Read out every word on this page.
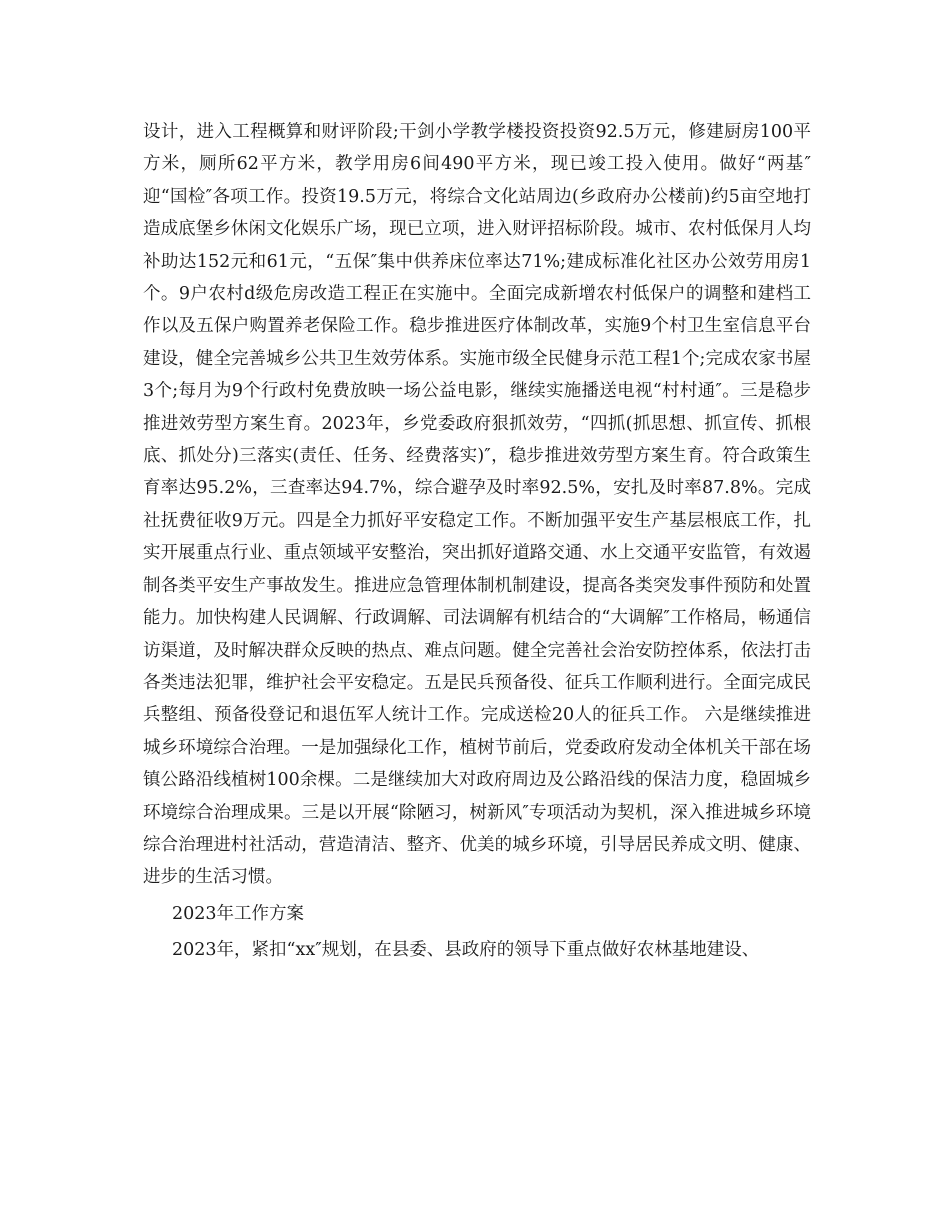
设计，进入工程概算和财评阶段;干剑小学教学楼投资投资92.5万元，修建厨房100平方米，厕所62平方米，教学用房6间490平方米，现已竣工投入使用。做好“两基″迎“国检″各项工作。投资19.5万元，将综合文化站周边(乡政府办公楼前)约5亩空地打造成底堡乡休闲文化娱乐广场，现已立项，进入财评招标阶段。城市、农村低保月人均补助达152元和61元，“五保″集中供养床位率达71%;建成标准化社区办公效劳用房1个。9户农村d级危房改造工程正在实施中。全面完成新增农村低保户的调整和建档工作以及五保户购置养老保险工作。稳步推进医疗体制改革，实施9个村卫生室信息平台建设，健全完善城乡公共卫生效劳体系。实施市级全民健身示范工程1个;完成农家书屋3个;每月为9个行政村免费放映一场公益电影，继续实施播送电视“村村通″。三是稳步推进效劳型方案生育。2023年，乡党委政府狠抓效劳，“四抓(抓思想、抓宣传、抓根底、抓处分)三落实(责任、任务、经费落实)″，稳步推进效劳型方案生育。符合政策生育率达95.2%，三查率达94.7%，综合避孕及时率92.5%，安扎及时率87.8%。完成社抚费征收9万元。四是全力抓好平安稳定工作。不断加强平安生产基层根底工作，扎实开展重点行业、重点领域平安整治，突出抓好道路交通、水上交通平安监管，有效遏制各类平安生产事故发生。推进应急管理体制机制建设，提高各类突发事件预防和处置能力。加快构建人民调解、行政调解、司法调解有机结合的“大调解″工作格局，畅通信访渠道，及时解决群众反映的热点、难点问题。健全完善社会治安防控体系，依法打击各类违法犯罪，维护社会平安稳定。五是民兵预备役、征兵工作顺利进行。全面完成民兵整组、预备役登记和退伍军人统计工作。完成送检20人的征兵工作。 六是继续推进城乡环境综合治理。一是加强绿化工作，植树节前后，党委政府发动全体机关干部在场镇公路沿线植树100余棵。二是继续加大对政府周边及公路沿线的保洁力度，稳固城乡环境综合治理成果。三是以开展“除陋习，树新风″专项活动为契机，深入推进城乡环境综合治理进村社活动，营造清洁、整齐、优美的城乡环境，引导居民养成文明、健康、进步的生活习惯。

2023年工作方案

2023年，紧扣“xx″规划，在县委、县政府的领导下重点做好农林基地建设、
